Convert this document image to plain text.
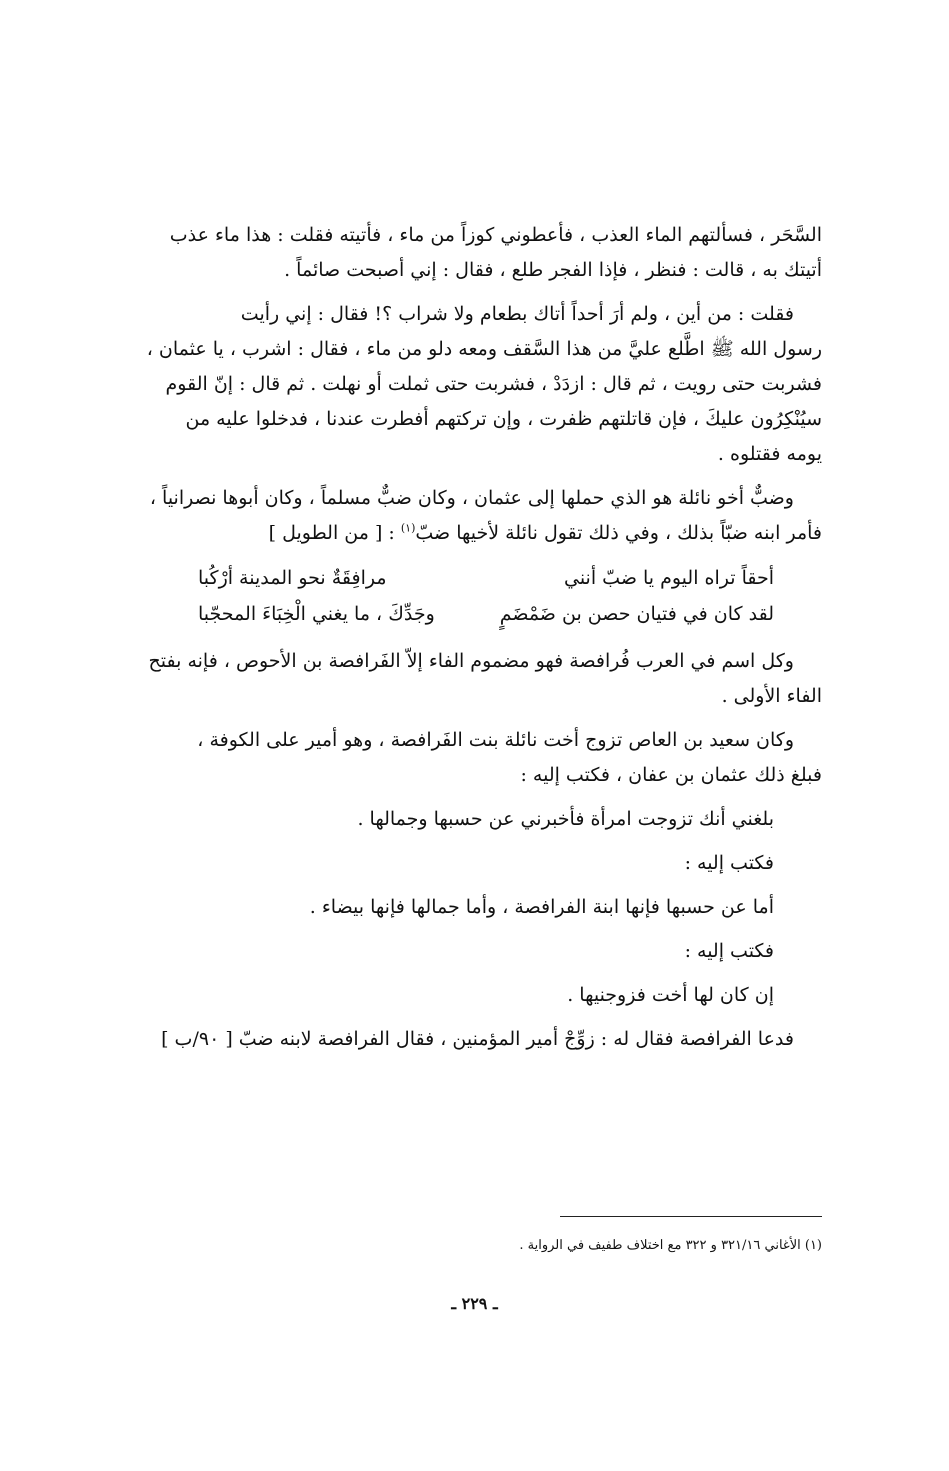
السَّحَر ، فسألتهم الماء العذب ، فأعطوني كوزاً من ماء ، فأتيته فقلت : هذا ماء عذب
أتيتك به ، قالت : فنظر ، فإذا الفجر طلع ، فقال : إني أصبحت صائماً .

فقلت : من أين ، ولم أرَ أحداً أتاك بطعام ولا شراب ؟! فقال : إني رأيت
رسول الله ﷺ اطَّلع عليَّ من هذا السَّقف ومعه دلو من ماء ، فقال : اشرب ، يا عثمان ،
فشربت حتى رويت ، ثم قال : ازدَدْ ، فشربت حتى ثملت أو نهلت . ثم قال : إنّ القوم
سيُنْكِرُون عليكَ ، فإن قاتلتهم ظفرت ، وإن تركتهم أفطرت عندنا ، فدخلوا عليه من
يومه فقتلوه .

وضبٌّ أخو نائلة هو الذي حملها إلى عثمان ، وكان ضبٌّ مسلماً ، وكان أبوها نصرانياً ،
فأمر ابنه ضبّاً بذلك ، وفي ذلك تقول نائلة لأخيها ضبّ$^{(١)}$ : [ من الطويل ]

أحقاً تراه اليوم يا ضبّ أنني
مرافِقَةٌ نحو المدينة أرْكُبا
لقد كان في فتيان حصن بن ضَمْضَمٍ
وجَدِّكَ ، ما يغني الْخِبَاءَ المحجّبا

وكل اسم في العرب فُرافصة فهو مضموم الفاء إلاّ الفَرافصة بن الأحوص ، فإنه بفتح
الفاء الأولى .

وكان سعيد بن العاص تزوج أخت نائلة بنت الفَرافصة ، وهو أمير على الكوفة ،
فبلغ ذلك عثمان بن عفان ، فكتب إليه :

بلغني أنك تزوجت امرأة فأخبرني عن حسبها وجمالها .

فكتب إليه :

أما عن حسبها فإنها ابنة الفرافصة ، وأما جمالها فإنها بيضاء .

فكتب إليه :

إن كان لها أخت فزوجنيها .

فدعا الفرافصة فقال له : زوِّجْ أمير المؤمنين ، فقال الفرافصة لابنه ضبّ [ ٩٠/ب ]

(١) الأغاني ٣٢١/١٦ و ٣٢٢ مع اختلاف طفيف في الرواية .
ـ ٢٢٩ ـ
